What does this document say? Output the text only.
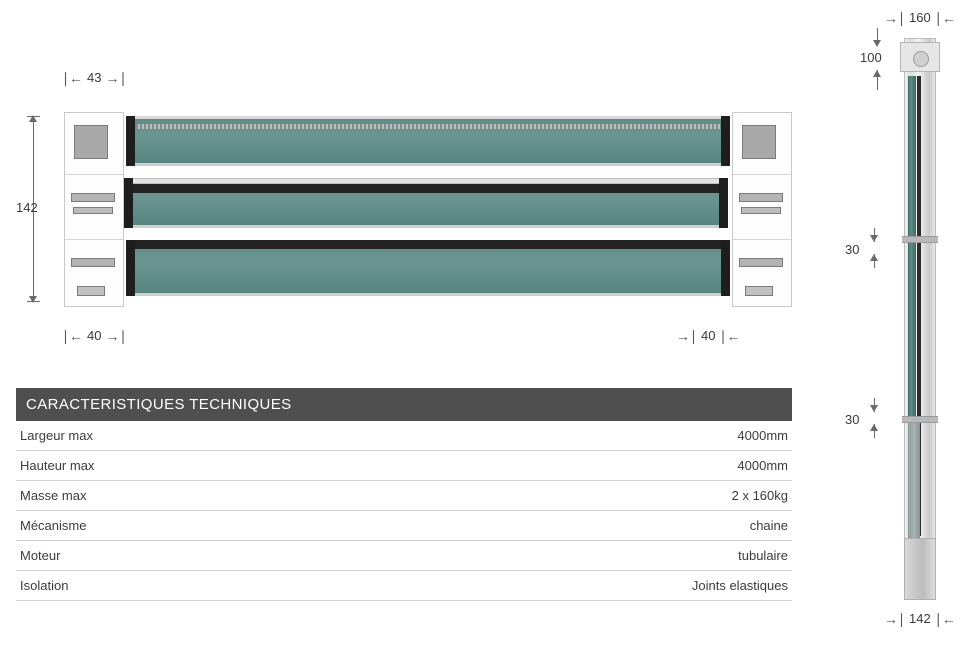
∣← 43 →∣
142
∣← 40 →∣	→∣ 40 ∣←
CARACTERISTIQUES TECHNIQUES
Largeur max	4000mm
Hauteur max	4000mm
Masse max	2 x 160kg
Mécanisme	chaine
Moteur	tubulaire
Isolation	Joints elastiques
→∣ 160 ∣←
100
30
30
→∣ 142 ∣←
